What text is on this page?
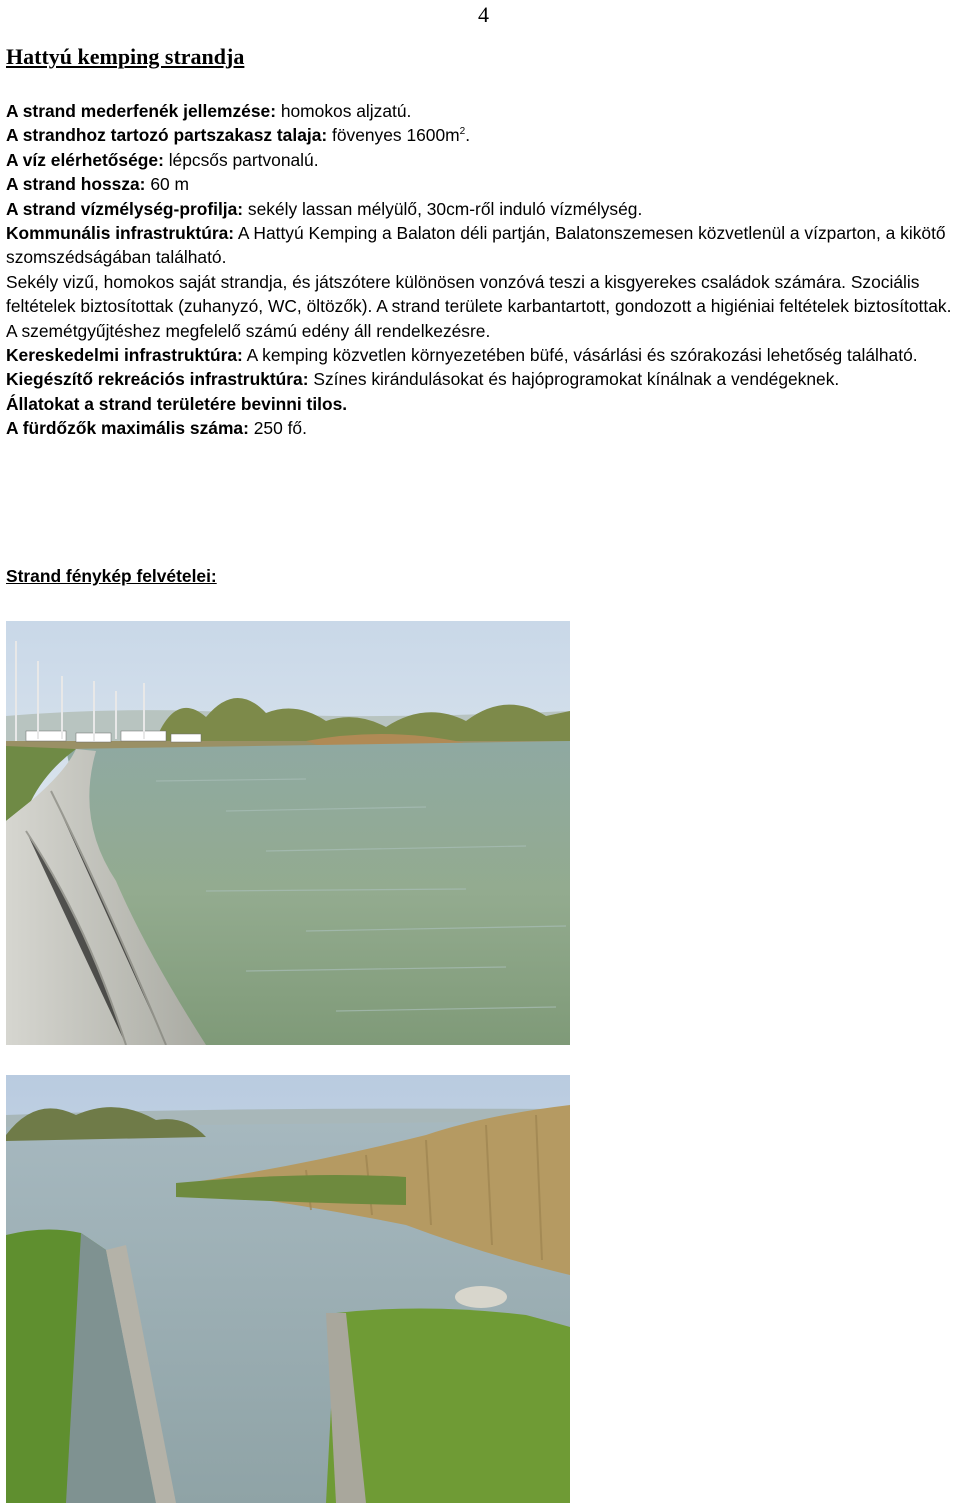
4
Hattyú kemping strandja

A strand mederfenék jellemzése: homokos aljzatú.

A strandhoz tartozó partszakasz talaja: fövenyes $1600m^2$.

A víz elérhetősége: lépcsős partvonalú.

A strand hossza: 60 m

A strand vízmélység-profilja: sekély lassan mélyülő, 30cm-ről induló vízmélység.

Kommunális infrastruktúra: A Hattyú Kemping a Balaton déli partján, Balatonszemesen közvetlenül a vízparton, a kikötő szomszédságában található.

Sekély vizű, homokos saját strandja, és játszótere különösen vonzóvá teszi a kisgyerekes családok számára. Szociális feltételek biztosítottak (zuhanyzó, WC, öltözők). A strand területe karbantartott, gondozott a higiéniai feltételek biztosítottak. A szemétgyűjtéshez megfelelő számú edény áll rendelkezésre.

Kereskedelmi infrastruktúra: A kemping közvetlen környezetében büfé, vásárlási és szórakozási lehetőség található.

Kiegészítő rekreációs infrastruktúra: Színes kirándulásokat és hajóprogramokat kínálnak a vendégeknek.

Állatokat a strand területére bevinni tilos.

A fürdőzők maximális száma: 250 fő.

Strand fénykép felvételei:
